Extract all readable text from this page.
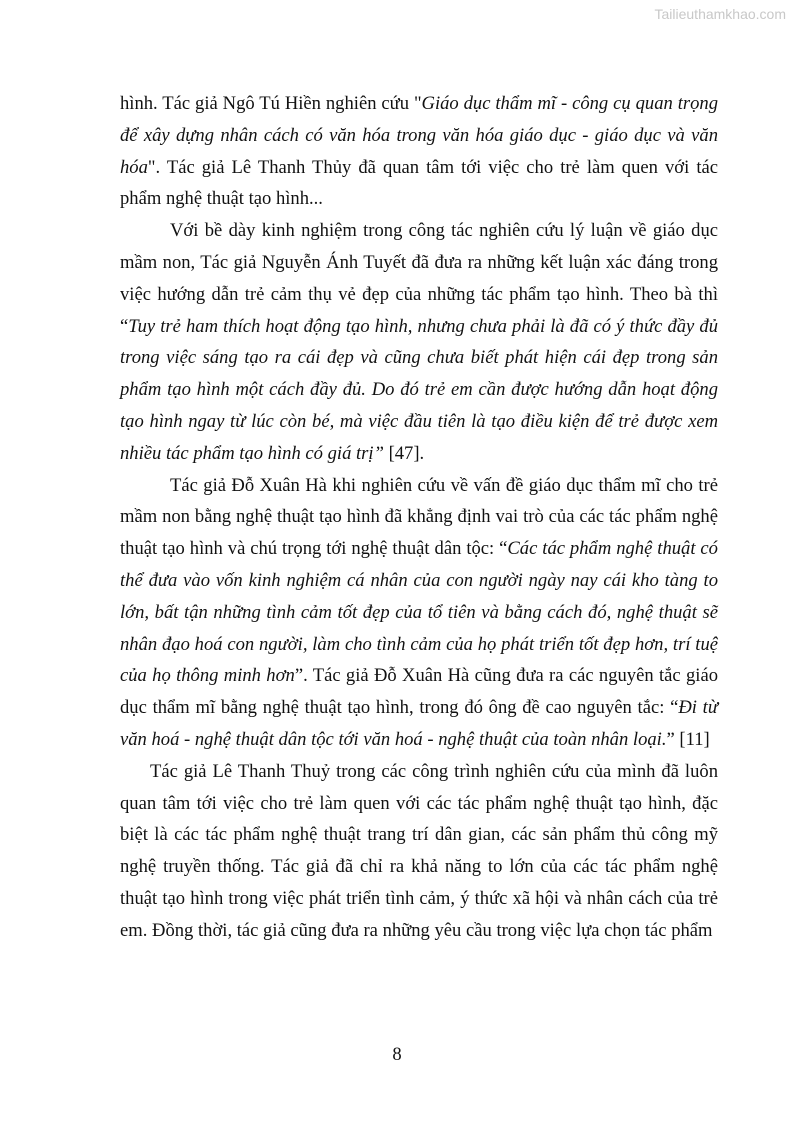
Tailieuthamkhao.com

hình. Tác giả Ngô Tú Hiền nghiên cứu "Giáo dục thẩm mĩ - công cụ quan trọng để xây dựng nhân cách có văn hóa trong văn hóa giáo dục - giáo dục và văn hóa". Tác giả Lê Thanh Thủy đã quan tâm tới việc cho trẻ làm quen với tác phẩm nghệ thuật tạo hình...

Với bề dày kinh nghiệm trong công tác nghiên cứu lý luận về giáo dục mầm non, Tác giả Nguyễn Ánh Tuyết đã đưa ra những kết luận xác đáng trong việc hướng dẫn trẻ cảm thụ vẻ đẹp của những tác phẩm tạo hình. Theo bà thì “Tuy trẻ ham thích hoạt động tạo hình, nhưng chưa phải là đã có ý thức đầy đủ trong việc sáng tạo ra cái đẹp và cũng chưa biết phát hiện cái đẹp trong sản phẩm tạo hình một cách đầy đủ. Do đó trẻ em cần được hướng dẫn hoạt động tạo hình ngay từ lúc còn bé, mà việc đầu tiên là tạo điều kiện để trẻ được xem nhiều tác phẩm tạo hình có giá trị” [47].

Tác giả Đỗ Xuân Hà khi nghiên cứu về vấn đề giáo dục thẩm mĩ cho trẻ mầm non bằng nghệ thuật tạo hình đã khẳng định vai trò của các tác phẩm nghệ thuật tạo hình và chú trọng tới nghệ thuật dân tộc: “Các tác phẩm nghệ thuật có thể đưa vào vốn kinh nghiệm cá nhân của con người ngày nay cái kho tàng to lớn, bất tận những tình cảm tốt đẹp của tổ tiên và bằng cách đó, nghệ thuật sẽ nhân đạo hoá con người, làm cho tình cảm của họ phát triển tốt đẹp hơn, trí tuệ của họ thông minh hơn”. Tác giả Đỗ Xuân Hà cũng đưa ra các nguyên tắc giáo dục thẩm mĩ bằng nghệ thuật tạo hình, trong đó ông đề cao nguyên tắc: “Đi từ văn hoá - nghệ thuật dân tộc tới văn hoá - nghệ thuật của toàn nhân loại.” [11]

Tác giả Lê Thanh Thuỷ trong các công trình nghiên cứu của mình đã luôn quan tâm tới việc cho trẻ làm quen với các tác phẩm nghệ thuật tạo hình, đặc biệt là các tác phẩm nghệ thuật trang trí dân gian, các sản phẩm thủ công mỹ nghệ truyền thống. Tác giả đã chỉ ra khả năng to lớn của các tác phẩm nghệ thuật tạo hình trong việc phát triển tình cảm, ý thức xã hội và nhân cách của trẻ em. Đồng thời, tác giả cũng đưa ra những yêu cầu trong việc lựa chọn tác phẩm

8
